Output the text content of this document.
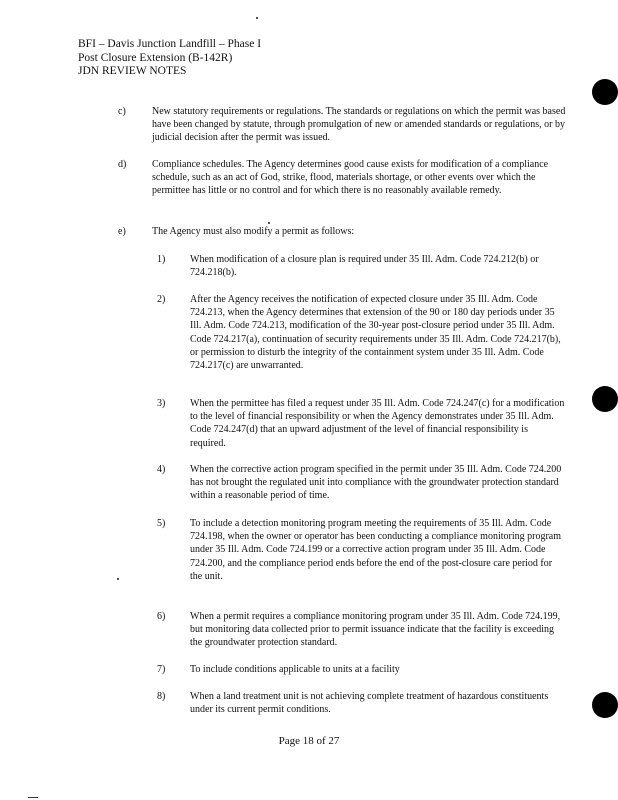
BFI – Davis Junction Landfill – Phase I
Post Closure Extension (B-142R)
JDN REVIEW NOTES
c)	New statutory requirements or regulations. The standards or regulations on which the permit was based have been changed by statute, through promulgation of new or amended standards or regulations, or by judicial decision after the permit was issued.
d)	Compliance schedules. The Agency determines good cause exists for modification of a compliance schedule, such as an act of God, strike, flood, materials shortage, or other events over which the permittee has little or no control and for which there is no reasonably available remedy.
e)	The Agency must also modify a permit as follows:
1) When modification of a closure plan is required under 35 Ill. Adm. Code 724.212(b) or 724.218(b).
2) After the Agency receives the notification of expected closure under 35 Ill. Adm. Code 724.213, when the Agency determines that extension of the 90 or 180 day periods under 35 Ill. Adm. Code 724.213, modification of the 30-year post-closure period under 35 Ill. Adm. Code 724.217(a), continuation of security requirements under 35 Ill. Adm. Code 724.217(b), or permission to disturb the integrity of the containment system under 35 Ill. Adm. Code 724.217(c) are unwarranted.
3) When the permittee has filed a request under 35 Ill. Adm. Code 724.247(c) for a modification to the level of financial responsibility or when the Agency demonstrates under 35 Ill. Adm. Code 724.247(d) that an upward adjustment of the level of financial responsibility is required.
4) When the corrective action program specified in the permit under 35 Ill. Adm. Code 724.200 has not brought the regulated unit into compliance with the groundwater protection standard within a reasonable period of time.
5) To include a detection monitoring program meeting the requirements of 35 Ill. Adm. Code 724.198, when the owner or operator has been conducting a compliance monitoring program under 35 Ill. Adm. Code 724.199 or a corrective action program under 35 Ill. Adm. Code 724.200, and the compliance period ends before the end of the post-closure care period for the unit.
6) When a permit requires a compliance monitoring program under 35 Ill. Adm. Code 724.199, but monitoring data collected prior to permit issuance indicate that the facility is exceeding the groundwater protection standard.
7) To include conditions applicable to units at a facility
8) When a land treatment unit is not achieving complete treatment of hazardous constituents under its current permit conditions.
Page 18 of 27
